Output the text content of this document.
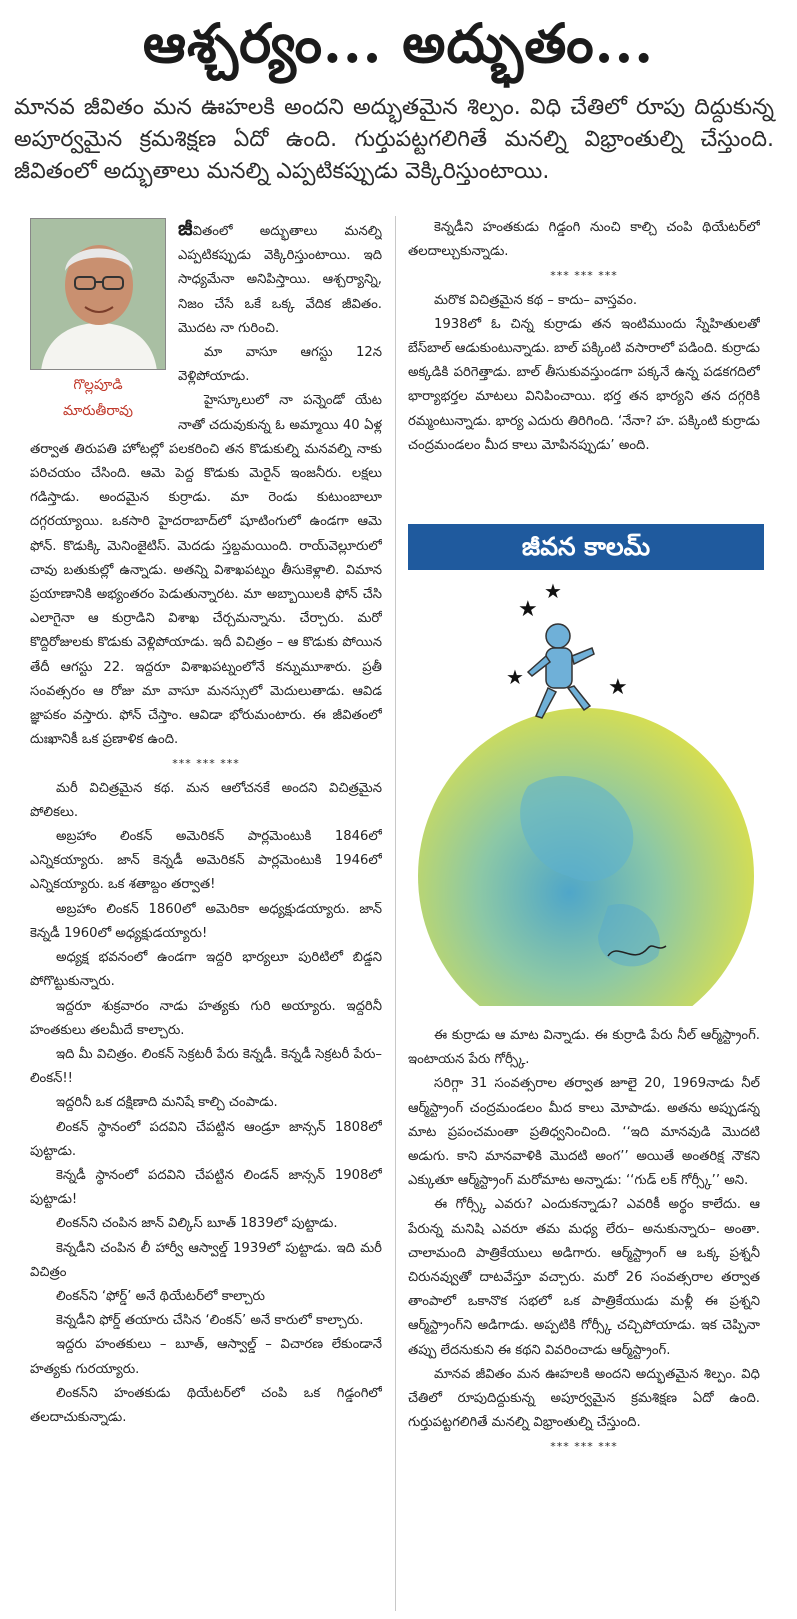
ఆశ్చర్యం... అద్భుతం...
మానవ జీవితం మన ఊహలకి అందని అద్భుతమైన శిల్పం. విధి చేతిలో రూపు దిద్దుకున్న అపూర్వమైన క్రమశిక్షణ ఏదో ఉంది. గుర్తుపట్టగలిగితే మనల్ని విభ్రాంతుల్ని చేస్తుంది. జీవితంలో అద్భుతాలు మనల్ని ఎప్పటికప్పుడు వెక్కిరిస్తుంటాయి.
గొల్లపూడి
మారుతీరావు

జీవితంలో అద్భుతాలు మనల్ని ఎప్పటికప్పుడు వెక్కిరిస్తుంటాయి. ఇది సాధ్యమేనా అనిపిస్తాయి. ఆశ్చర్యాన్ని, నిజం చేసే ఒకే ఒక్క వేదిక జీవితం. మొదట నా గురించి.

మా వాసూ ఆగస్టు 12న వెళ్లిపోయాడు.

హైస్కూలులో నా పన్నెండో యేట నాతో చదువుకున్న ఓ అమ్మాయి 40 ఏళ్ల తర్వాత తిరుపతి హోటల్లో పలకరించి తన కొడుకుల్ని మనవల్ని నాకు పరిచయం చేసింది. ఆమె పెద్ద కొడుకు మెరైన్ ఇంజనీరు. లక్షలు గడిస్తాడు. అందమైన కుర్రాడు. మా రెండు కుటుంబాలూ దగ్గరయ్యాయి. ఒకసారి హైదరాబాద్‌లో షూటింగులో ఉండగా ఆమె ఫోన్. కొడుక్కి మెనింజైటిస్. మెదడు స్తబ్దమయింది. రాయ్‌వెల్లూరులో చావు బతుకుల్లో ఉన్నాడు. అతన్ని విశాఖపట్నం తీసుకెళ్లాలి. విమాన ప్రయాణానికి అభ్యంతరం పెడుతున్నారట. మా అబ్బాయిలకి ఫోన్ చేసి ఎలాగైనా ఆ కుర్రాడిని విశాఖ చేర్చమన్నాను. చేర్చారు. మరో కొద్దిరోజులకు కొడుకు వెళ్లిపోయాడు. ఇదీ విచిత్రం – ఆ కొడుకు పోయిన తేదీ ఆగస్టు 22. ఇద్దరూ విశాఖపట్నంలోనే కన్నుమూశారు. ప్రతీ సంవత్సరం ఆ రోజు మా వాసూ మనస్సులో మెదులుతాడు. ఆవిడ జ్ఞాపకం వస్తారు. ఫోన్ చేస్తాం. ఆవిడా భోరుమంటారు. ఈ జీవితంలో దుఃఖానికీ ఒక ప్రణాళిక ఉంది.

*** *** ***

మరీ విచిత్రమైన కథ. మన ఆలోచనకే అందని విచిత్రమైన పోలికలు.

అబ్రహాం లింకన్ అమెరికన్ పార్లమెంటుకి 1846లో ఎన్నికయ్యారు. జాన్ కెన్నడీ అమెరికన్ పార్లమెంటుకి 1946లో ఎన్నికయ్యారు. ఒక శతాబ్దం తర్వాత!

అబ్రహాం లింకన్ 1860లో అమెరికా అధ్యక్షుడయ్యారు. జాన్ కెన్నడీ 1960లో అధ్యక్షుడయ్యారు!

అధ్యక్ష భవనంలో ఉండగా ఇద్దరి భార్యలూ పురిటిలో బిడ్డని పోగొట్టుకున్నారు.

ఇద్దరూ శుక్రవారం నాడు హత్యకు గురి అయ్యారు. ఇద్దరినీ హంతకులు తలమీదే కాల్చారు.

ఇది మీ విచిత్రం. లింకన్ సెక్రటరీ పేరు కెన్నడీ. కెన్నడీ సెక్రటరీ పేరు– లింకన్!!

ఇద్దరినీ ఒక దక్షిణాది మనిషే కాల్చి చంపాడు.

లింకన్ స్థానంలో పదవిని చేపట్టిన ఆండ్రూ జాన్సన్ 1808లో పుట్టాడు.

కెన్నడీ స్థానంలో పదవిని చేపట్టిన లిండన్ జాన్సన్ 1908లో పుట్టాడు!

లింకన్‌ని చంపిన జాన్ విల్కిస్ బూత్ 1839లో పుట్టాడు.

కెన్నడీని చంపిన లీ హార్వీ ఆస్వాల్డ్ 1939లో పుట్టాడు. ఇది మరీ విచిత్రం

లింకన్‌ని ‘ఫోర్డ్’ అనే థియేటర్‌లో కాల్చారు

కెన్నడీని ఫోర్డ్ తయారు చేసిన ‘లింకన్’ అనే కారులో కాల్చారు.

ఇద్దరు హంతకులు – బూత్, ఆస్వాల్డ్ – విచారణ లేకుండానే హత్యకు గురయ్యారు.

లింకన్‌ని హంతకుడు థియేటర్‌లో చంపి ఒక గిడ్డంగిలో తలదాచుకున్నాడు.

కెన్నడీని హంతకుడు గిడ్డంగి నుంచి కాల్చి చంపి థియేటర్‌లో తలదాల్చుకున్నాడు.

*** *** ***

మరొక విచిత్రమైన కథ – కాదు– వాస్తవం.

1938లో ఓ చిన్న కుర్రాడు తన ఇంటిముందు స్నేహితులతో బేస్‌బాల్ ఆడుకుంటున్నాడు. బాల్ పక్కింటి వసారాలో పడింది. కుర్రాడు అక్కడికి పరిగెత్తాడు. బాల్ తీసుకువస్తుండగా పక్కనే ఉన్న పడకగదిలో భార్యాభర్తల మాటలు వినిపించాయి. భర్త తన భార్యని తన దగ్గరికి రమ్మంటున్నాడు. భార్య ఎదురు తిరిగింది. ‘నేనా? హ. పక్కింటి కుర్రాడు చంద్రమండలం మీద కాలు మోపినప్పుడు’ అంది.

జీవన కాలమ్
★
★
★	★

ఈ కుర్రాడు ఆ మాట విన్నాడు. ఈ కుర్రాడి పేరు నీల్ ఆర్మ్‌స్ట్రాంగ్. ఇంటాయన పేరు గోర్స్కీ.

సరిగ్గా 31 సంవత్సరాల తర్వాత జూలై 20, 1969నాడు నీల్ ఆర్మ్‌స్ట్రాంగ్ చంద్రమండలం మీద కాలు మోపాడు. అతను అప్పుడన్న మాట ప్రపంచమంతా ప్రతిధ్వనించింది. ‘‘ఇది మానవుడి మొదటి అడుగు. కాని మానవాళికి మొదటి అంగ’’ అయితే అంతరిక్ష నౌకని ఎక్కుతూ ఆర్మ్‌స్ట్రాంగ్ మరోమాట అన్నాడు: ‘‘గుడ్ లక్ గోర్స్కీ’’ అని.

ఈ గోర్స్కీ ఎవరు? ఎందుకన్నాడు? ఎవరికీ అర్థం కాలేదు. ఆ పేరున్న మనిషి ఎవరూ తమ మధ్య లేరు– అనుకున్నారు– అంతా. చాలామంది పాత్రికేయులు అడిగారు. ఆర్మ్‌స్ట్రాంగ్ ఆ ఒక్క ప్రశ్ననీ చిరునవ్వుతో దాటవేస్తూ వచ్చారు. మరో 26 సంవత్సరాల తర్వాత తాంపాలో ఒకానొక సభలో ఒక పాత్రికేయుడు మళ్లీ ఈ ప్రశ్నని ఆర్మ్‌స్ట్రాంగ్‌ని అడిగాడు. అప్పటికి గోర్స్కీ చచ్చిపోయాడు. ఇక చెప్పినా తప్పు లేదనుకుని ఈ కథని వివరించాడు ఆర్మ్‌స్ట్రాంగ్.

మానవ జీవితం మన ఊహలకి అందని అద్భుతమైన శిల్పం. విధి చేతిలో రూపుదిద్దుకున్న అపూర్వమైన క్రమశిక్షణ ఏదో ఉంది. గుర్తుపట్టగలిగితే మనల్ని విభ్రాంతుల్ని చేస్తుంది.

*** *** ***
